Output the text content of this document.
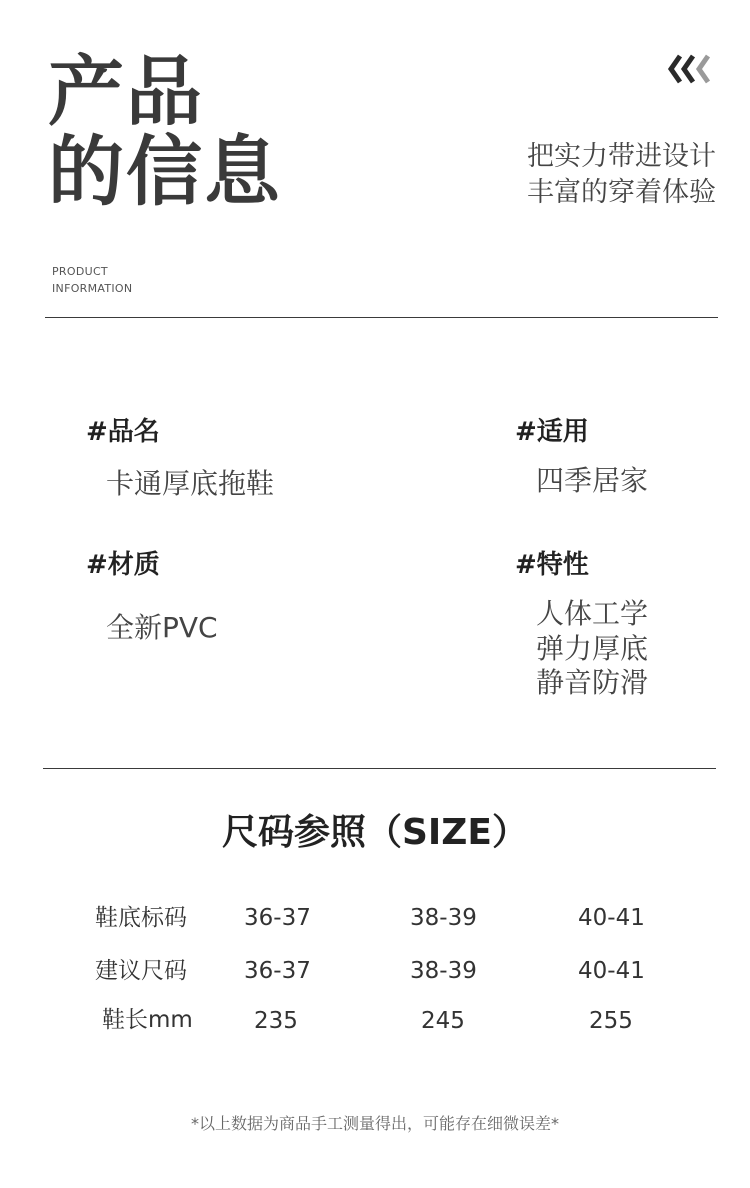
产品
的信息	把实力带进设计
丰富的穿着体验
PRODUCT
INFORMATION
#品名
卡通厚底拖鞋
#适用
四季居家
#材质
全新PVC
#特性
人体工学
弹力厚底
静音防滑
尺码参照（SIZE）
鞋底标码 36-37	38-39	40-41
建议尺码 36-37	38-39	40-41
鞋长mm	235	245	255
*以上数据为商品手工测量得出，可能存在细微误差*
